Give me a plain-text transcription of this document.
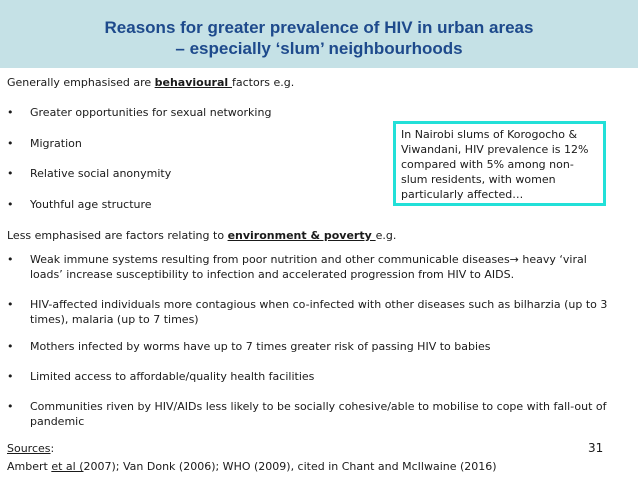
Reasons for greater prevalence of HIV in urban areas
– especially ‘slum’ neighbourhoods
Generally emphasised are behavioural factors e.g.
• Greater opportunities for sexual networking
• Migration
• Relative social anonymity
• Youthful age structure
In Nairobi slums of Korogocho & Viwandani, HIV prevalence is 12% compared with 5% among non-slum residents, with women particularly affected…
Less emphasised are factors relating to environment & poverty e.g.
• Weak immune systems resulting from poor nutrition and other communicable diseases→ heavy ‘viral loads’ increase susceptibility to infection and accelerated progression from HIV to AIDS.
• HIV-affected individuals more contagious when co-infected with other diseases such as bilharzia (up to 3 times), malaria (up to 7 times)
• Mothers infected by worms have up to 7 times greater risk of passing HIV to babies
• Limited access to affordable/quality health facilities
• Communities riven by HIV/AIDs less likely to be socially cohesive/able to mobilise to cope with fall-out of pandemic
Sources:
Ambert et al (2007); Van Donk (2006); WHO (2009), cited in Chant and McIlwaine (2016)
31
